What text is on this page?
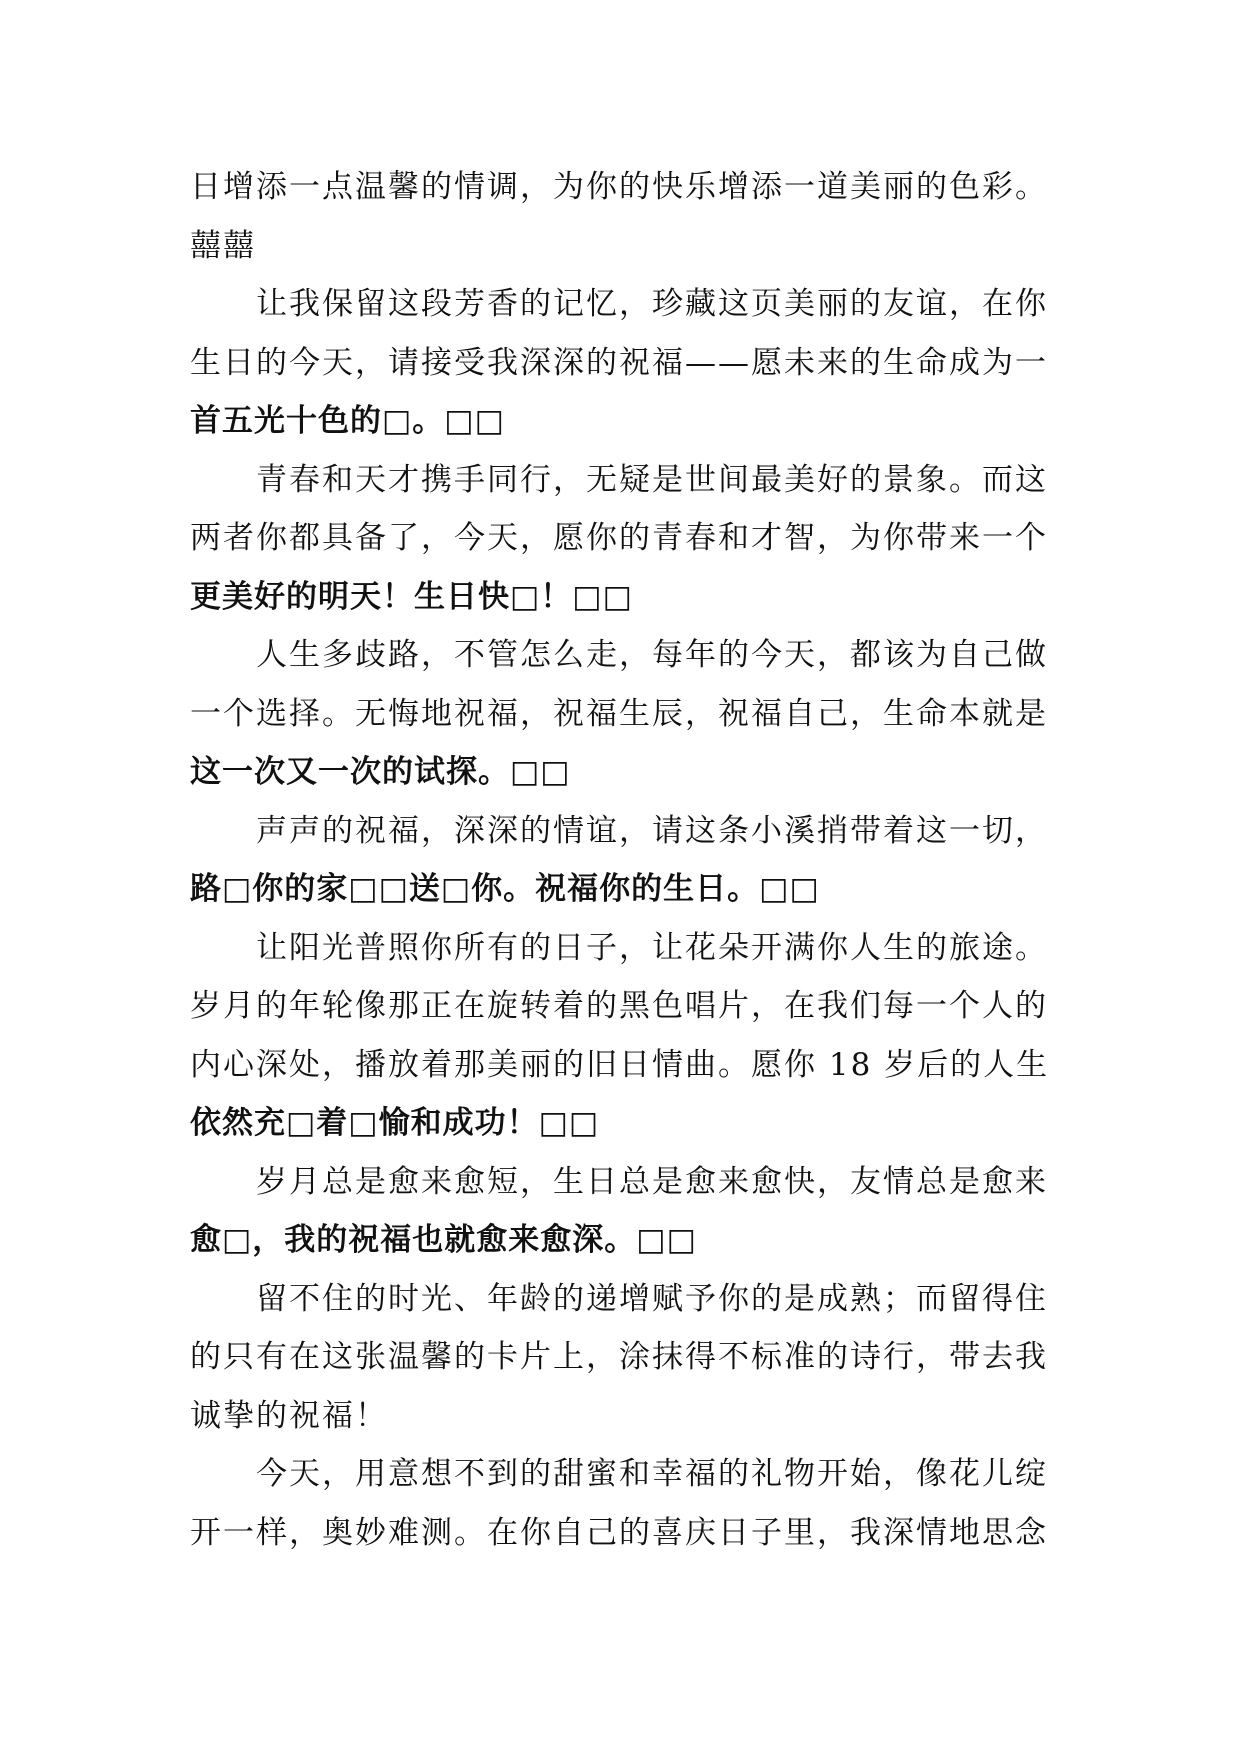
日增添一点温馨的情调，为你的快乐增添一道美丽的色彩。
囍囍
让我保留这段芳香的记忆，珍藏这页美丽的友谊，在你
生日的今天，请接受我深深的祝福——愿未来的生命成为一
首五光十色的□。□□
青春和天才携手同行，无疑是世间最美好的景象。而这
两者你都具备了，今天，愿你的青春和才智，为你带来一个
更美好的明天！生日快□！□□
人生多歧路，不管怎么走，每年的今天，都该为自己做
一个选择。无悔地祝福，祝福生辰，祝福自己，生命本就是
这一次又一次的试探。□□
声声的祝福，深深的情谊，请这条小溪捎带着这一切，
路□你的家□□送□你。祝福你的生日。□□
让阳光普照你所有的日子，让花朵开满你人生的旅途。
岁月的年轮像那正在旋转着的黑色唱片，在我们每一个人的
内心深处，播放着那美丽的旧日情曲。愿你 18 岁后的人生
依然充□着□愉和成功！□□
岁月总是愈来愈短，生日总是愈来愈快，友情总是愈来
愈□，我的祝福也就愈来愈深。□□
留不住的时光、年龄的递增赋予你的是成熟；而留得住
的只有在这张温馨的卡片上，涂抹得不标准的诗行，带去我
诚挚的祝福！
今天，用意想不到的甜蜜和幸福的礼物开始，像花儿绽
开一样，奥妙难测。在你自己的喜庆日子里，我深情地思念
